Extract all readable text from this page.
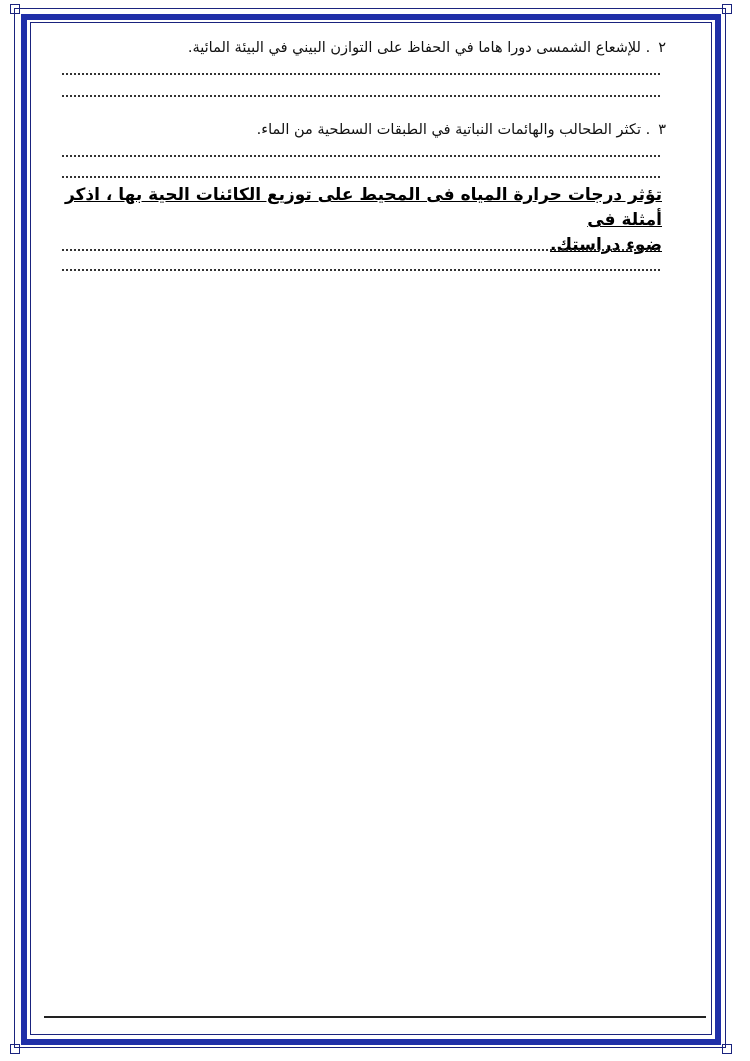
٢. للإشعاع الشمسى دورا هاما في الحفاظ على التوازن البيني في البيئة المائية.
٣. تكثر الطحالب والهائمات النباتية في الطبقات السطحية من الماء.
تؤثر درجات حرارة المياه فى المحيط على توزيع الكائنات الحية بها ، اذكر أمثلة فى
ضوء دراستك.
